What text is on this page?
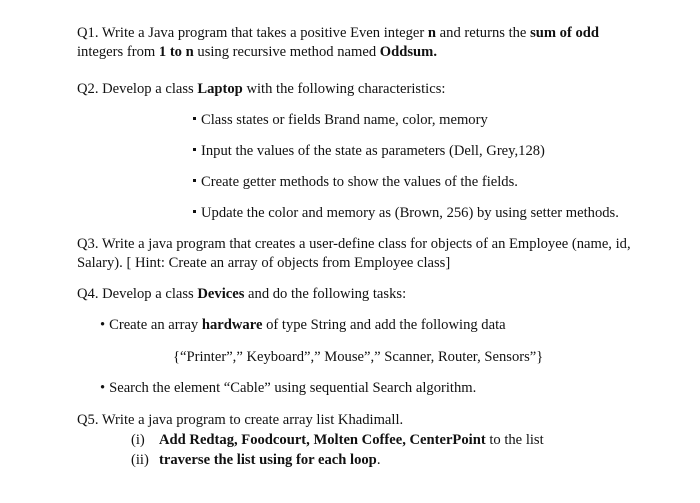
Q1. Write a Java program that takes a positive Even integer n and returns the sum of odd
integers from 1 to n using recursive method named Oddsum.
Q2. Develop a class Laptop with the following characteristics:
Class states or fields Brand name, color, memory
Input the values of the state as parameters (Dell, Grey,128)
Create getter methods to show the values of the fields.
Update the color and memory as (Brown, 256) by using setter methods.
Q3. Write a java program that creates a user-define class for objects of an Employee (name, id,
Salary). [ Hint: Create an array of objects from Employee class]
Q4. Develop a class Devices and do the following tasks:
• Create an array hardware of type String and add the following data
{“Printer”,” Keyboard”,” Mouse”,” Scanner, Router, Sensors”}
• Search the element “Cable” using sequential Search algorithm.
Q5. Write a java program to create array list Khadimall.
(i) Add Redtag, Foodcourt, Molten Coffee, CenterPoint to the list
(ii) traverse the list using for each loop.
